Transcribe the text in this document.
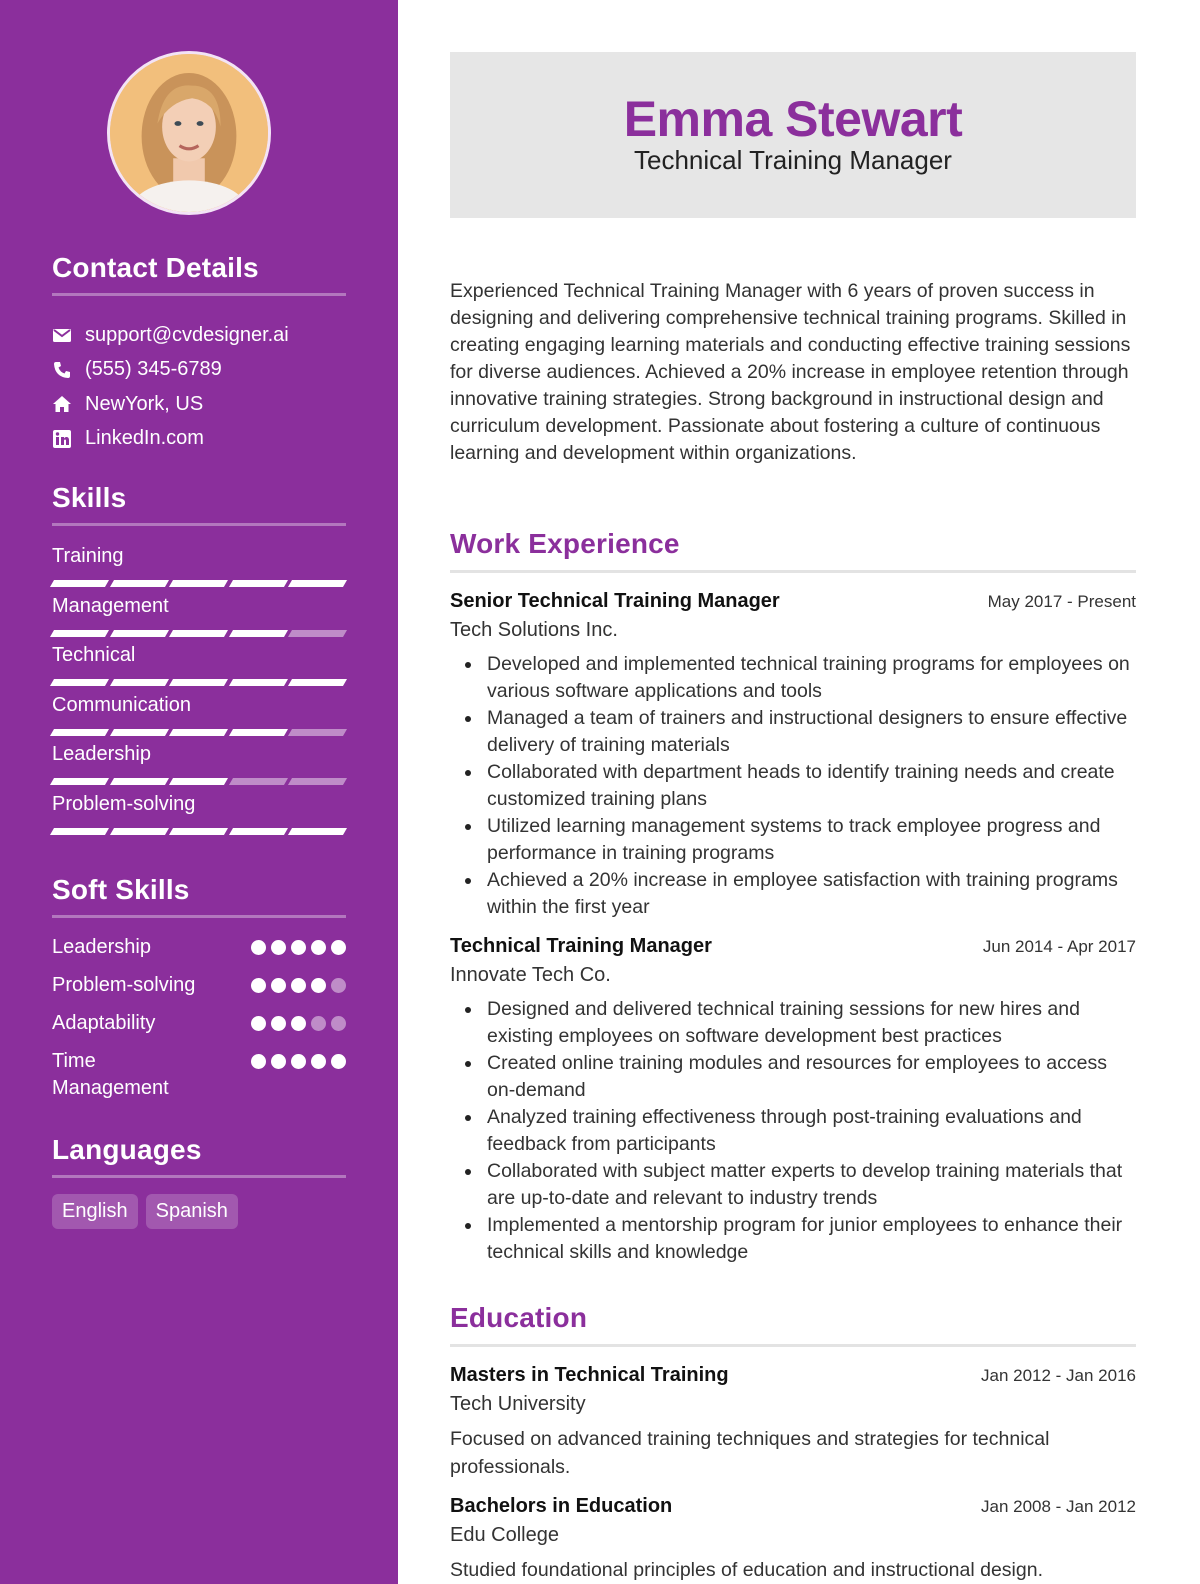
Contact Details
support@cvdesigner.ai
(555) 345-6789
NewYork, US
LinkedIn.com
Skills
Training
Management
Technical
Communication
Leadership
Problem-solving
Soft Skills
Leadership
Problem-solving
Adaptability
Time Management
Languages
English	Spanish
Emma Stewart
Technical Training Manager

Experienced Technical Training Manager with 6 years of proven success in designing and delivering comprehensive technical training programs. Skilled in creating engaging learning materials and conducting effective training sessions for diverse audiences. Achieved a 20% increase in employee retention through innovative training strategies. Strong background in instructional design and curriculum development. Passionate about fostering a culture of continuous learning and development within organizations.

Work Experience
Senior Technical Training Manager	May 2017 - Present
Tech Solutions Inc.
Developed and implemented technical training programs for employees on various software applications and tools
Managed a team of trainers and instructional designers to ensure effective delivery of training materials
Collaborated with department heads to identify training needs and create customized training plans
Utilized learning management systems to track employee progress and performance in training programs
Achieved a 20% increase in employee satisfaction with training programs within the first year
Technical Training Manager	Jun 2014 - Apr 2017
Innovate Tech Co.
Designed and delivered technical training sessions for new hires and existing employees on software development best practices
Created online training modules and resources for employees to access on-demand
Analyzed training effectiveness through post-training evaluations and feedback from participants
Collaborated with subject matter experts to develop training materials that are up-to-date and relevant to industry trends
Implemented a mentorship program for junior employees to enhance their technical skills and knowledge
Education
Masters in Technical Training	Jan 2012 - Jan 2016
Tech University

Focused on advanced training techniques and strategies for technical professionals.

Bachelors in Education	Jan 2008 - Jan 2012
Edu College

Studied foundational principles of education and instructional design.
